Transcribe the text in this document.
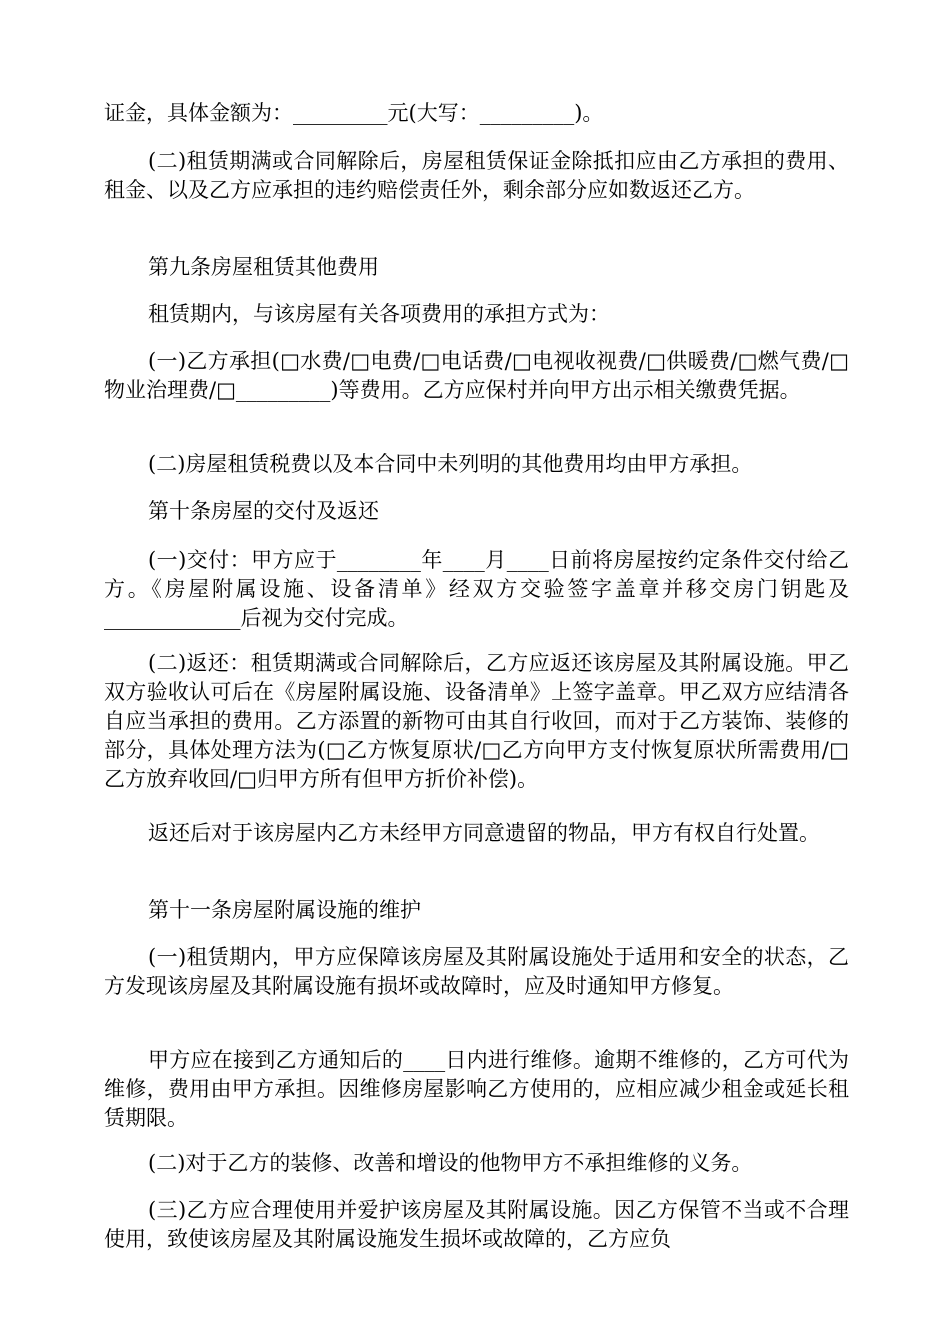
证金，具体金额为：_________元(大写：_________)。

(二)租赁期满或合同解除后，房屋租赁保证金除抵扣应由乙方承担的费用、租金、以及乙方应承担的违约赔偿责任外，剩余部分应如数返还乙方。

第九条房屋租赁其他费用

租赁期内，与该房屋有关各项费用的承担方式为：

(一)乙方承担(□水费/□电费/□电话费/□电视收视费/□供暖费/□燃气费/□物业治理费/□_________)等费用。乙方应保村并向甲方出示相关缴费凭据。

(二)房屋租赁税费以及本合同中未列明的其他费用均由甲方承担。

第十条房屋的交付及返还

(一)交付：甲方应于________年____月____日前将房屋按约定条件交付给乙方。《房屋附属设施、设备清单》经双方交验签字盖章并移交房门钥匙及_____________后视为交付完成。

(二)返还：租赁期满或合同解除后，乙方应返还该房屋及其附属设施。甲乙双方验收认可后在《房屋附属设施、设备清单》上签字盖章。甲乙双方应结清各自应当承担的费用。乙方添置的新物可由其自行收回，而对于乙方装饰、装修的部分，具体处理方法为(□乙方恢复原状/□乙方向甲方支付恢复原状所需费用/□乙方放弃收回/□归甲方所有但甲方折价补偿)。

返还后对于该房屋内乙方未经甲方同意遗留的物品，甲方有权自行处置。

第十一条房屋附属设施的维护

(一)租赁期内，甲方应保障该房屋及其附属设施处于适用和安全的状态，乙方发现该房屋及其附属设施有损坏或故障时，应及时通知甲方修复。

甲方应在接到乙方通知后的____日内进行维修。逾期不维修的，乙方可代为维修，费用由甲方承担。因维修房屋影响乙方使用的，应相应减少租金或延长租赁期限。

(二)对于乙方的装修、改善和增设的他物甲方不承担维修的义务。

(三)乙方应合理使用并爱护该房屋及其附属设施。因乙方保管不当或不合理使用，致使该房屋及其附属设施发生损坏或故障的，乙方应负
